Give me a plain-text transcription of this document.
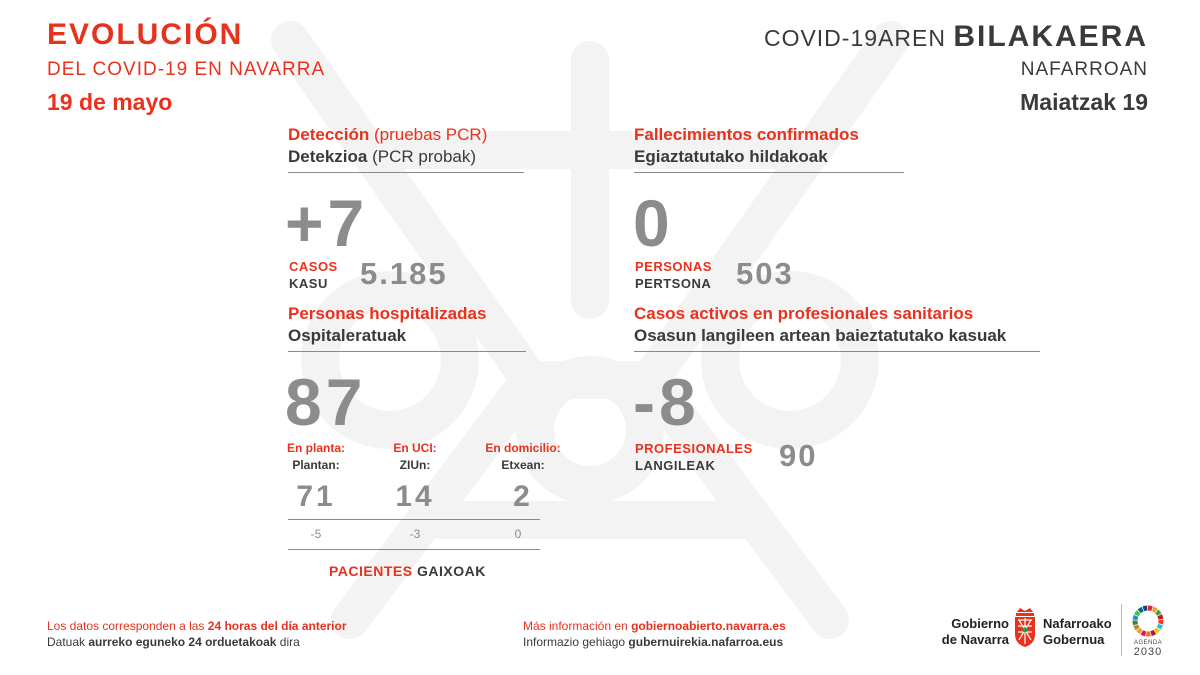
EVOLUCIÓN
DEL COVID-19 EN NAVARRA
19 de mayo
COVID-19AREN BILAKAERA
NAFARROAN
Maiatzak 19
Detección (pruebas PCR)
Detekzioa (PCR probak)
+7
CASOS
KASU 5.185
Fallecimientos confirmados
Egiaztatutako hildakoak
0
PERSONAS
PERTSONA 503
Personas hospitalizadas
Ospitaleratuak
87
En planta:
Plantan:
71
En UCI:
ZIUn:
14
En domicilio:
Etxean:
2
-5	-3	0
PACIENTES GAIXOAK
Casos activos en profesionales sanitarios
Osasun langileen artean baieztatutako kasuak
-8
PROFESIONALES
LANGILEAK 90
Los datos corresponden a las 24 horas del día anterior
Datuak aurreko eguneko 24 orduetakoak dira
Más información en gobiernoabierto.navarra.es
Informazio gehiago gubernuirekia.nafarroa.eus
Gobierno
de Navarra
Nafarroako
Gobernua	AGENDA
2030
